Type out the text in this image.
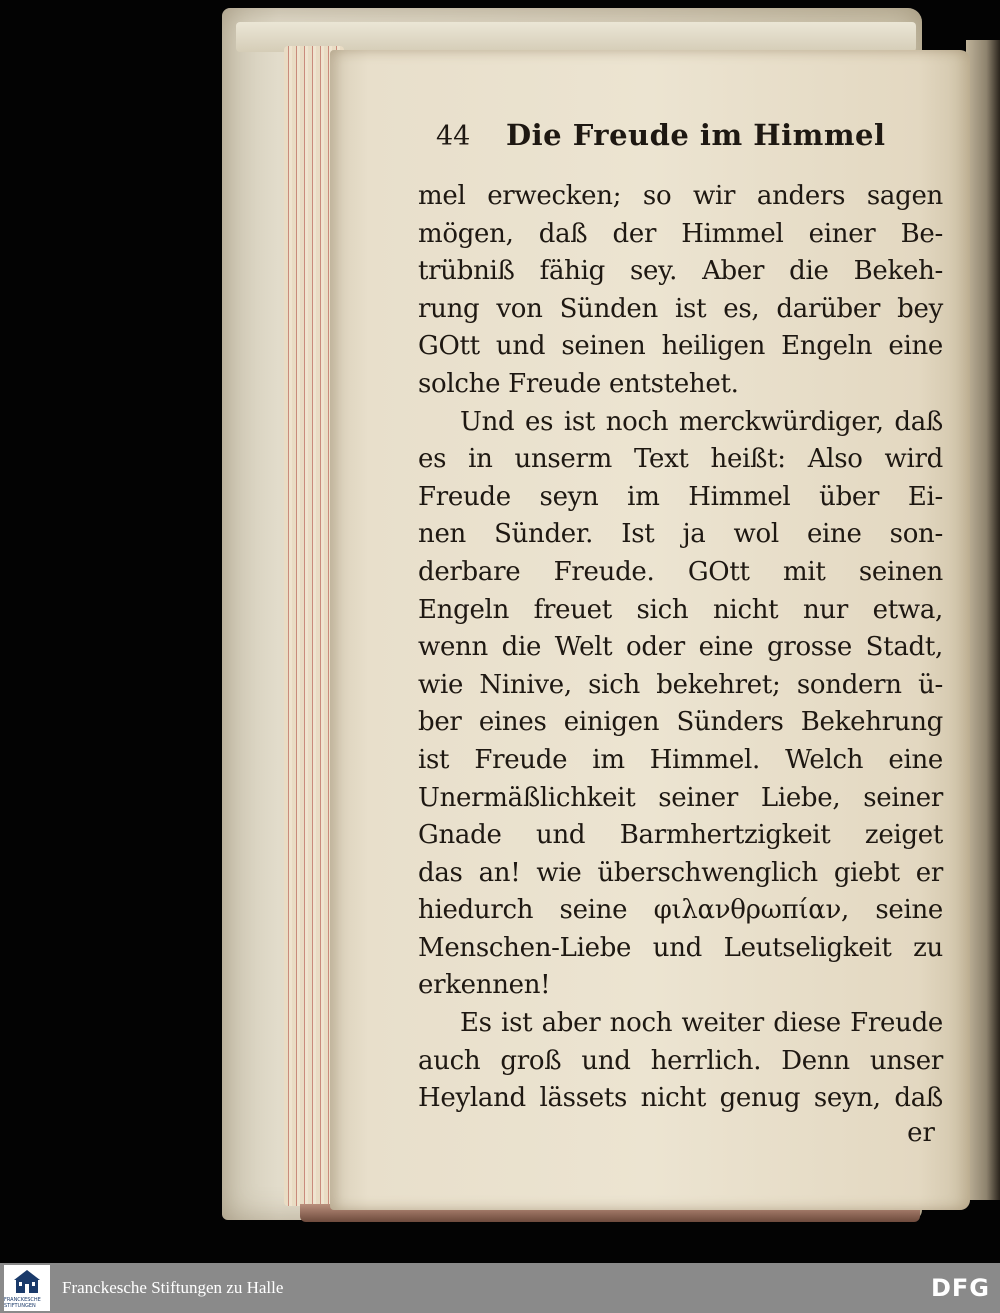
44	Die Freude im Himmel
mel erwecken; so wir anders sagen
mögen, daß der Himmel einer Be-
trübniß fähig sey. Aber die Bekeh-
rung von Sünden ist es, darüber bey
GOtt und seinen heiligen Engeln eine
solche Freude entstehet.
Und es ist noch merckwürdiger, daß
es in unserm Text heißt: Also wird
Freude seyn im Himmel über Ei-
nen Sünder. Ist ja wol eine son-
derbare Freude. GOtt mit seinen
Engeln freuet sich nicht nur etwa,
wenn die Welt oder eine grosse Stadt,
wie Ninive, sich bekehret; sondern ü-
ber eines einigen Sünders Bekehrung
ist Freude im Himmel. Welch eine
Unermäßlichkeit seiner Liebe, seiner
Gnade und Barmhertzigkeit zeiget
das an! wie überschwenglich giebt er
hiedurch seine φιλανθρωπίαν, seine
Menschen-Liebe und Leutseligkeit zu
erkennen!
Es ist aber noch weiter diese Freude
auch groß und herrlich. Denn unser
Heyland lässets nicht genug seyn, daß
er
FRANCKESCHE STIFTUNGEN
Franckesche Stiftungen zu Halle	DFG
